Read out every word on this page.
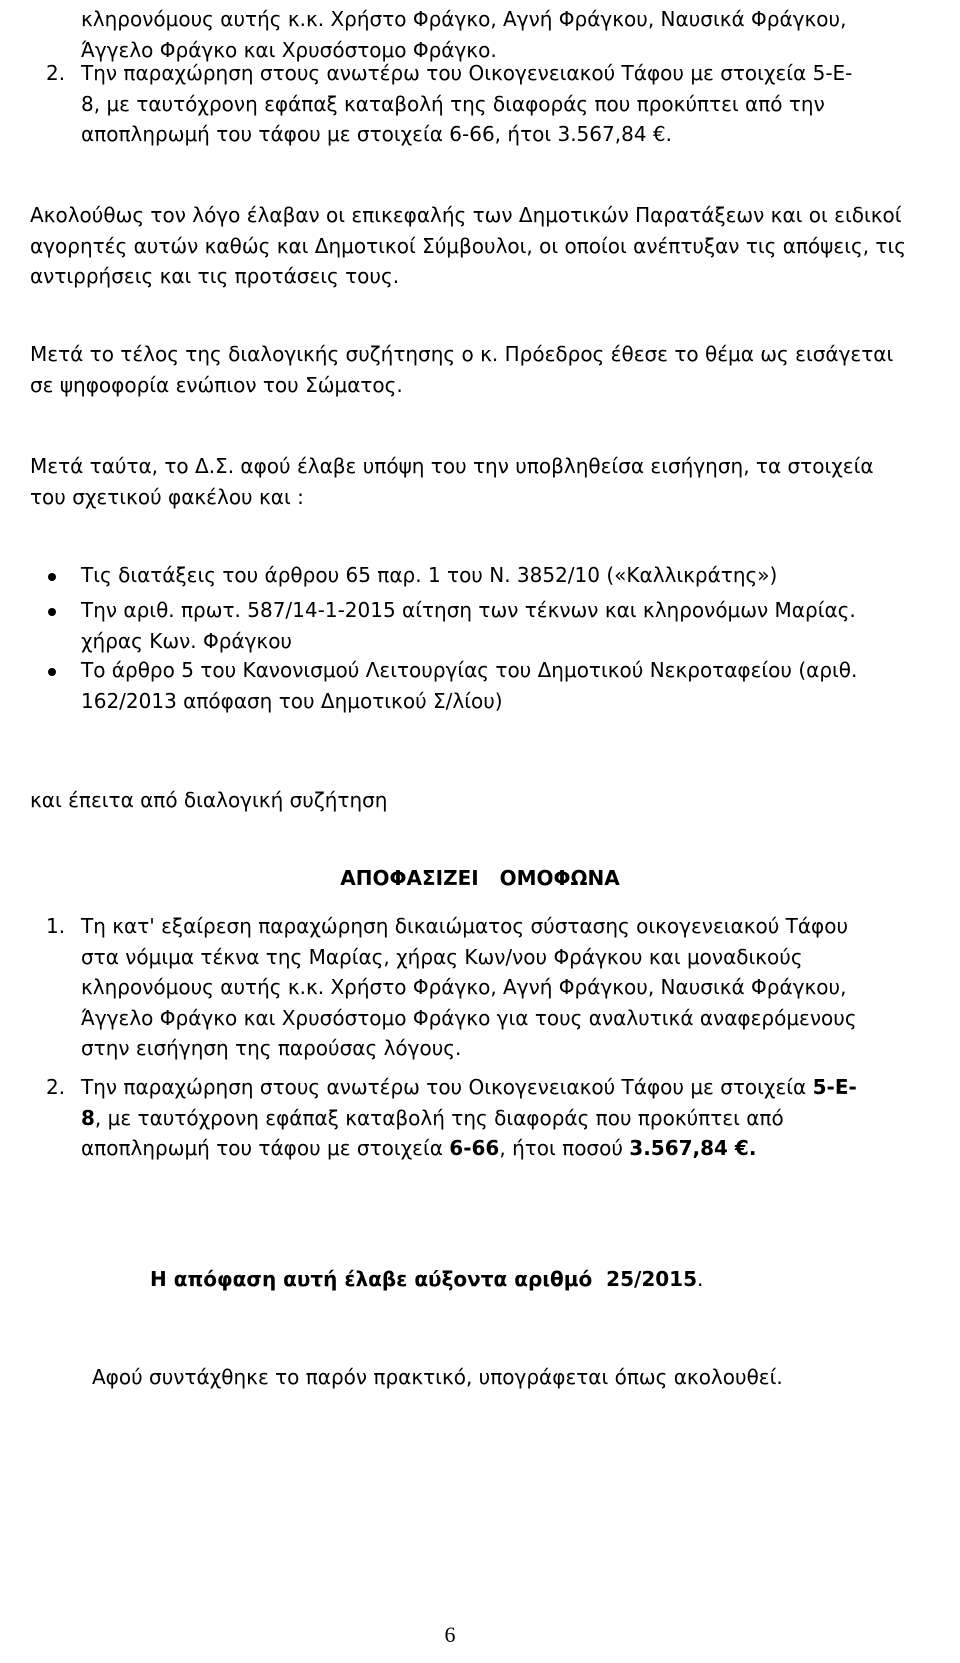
κληρονόμους αυτής κ.κ. Χρήστο Φράγκο, Αγνή Φράγκου, Ναυσικά Φράγκου,
Άγγελο Φράγκο και Χρυσόστομο Φράγκο.
2. Την παραχώρηση στους ανωτέρω του Οικογενειακού Τάφου με στοιχεία 5-Ε-
8, με ταυτόχρονη εφάπαξ καταβολή της διαφοράς που προκύπτει από την
αποπληρωμή του τάφου με στοιχεία 6-66, ήτοι 3.567,84 €.
Ακολούθως τον λόγο έλαβαν οι επικεφαλής των Δημοτικών Παρατάξεων και οι ειδικοί
αγορητές αυτών καθώς και Δημοτικοί Σύμβουλοι, οι οποίοι ανέπτυξαν τις απόψεις, τις
αντιρρήσεις και τις προτάσεις τους.
Μετά το τέλος της διαλογικής συζήτησης ο κ. Πρόεδρος έθεσε το θέμα ως εισάγεται
σε ψηφοφορία ενώπιον του Σώματος.
Μετά ταύτα, το Δ.Σ. αφού έλαβε υπόψη του την υποβληθείσα εισήγηση, τα στοιχεία
του σχετικού φακέλου και :
Τις διατάξεις του άρθρου 65 παρ. 1 του Ν. 3852/10 («Καλλικράτης»)
Την αριθ. πρωτ. 587/14-1-2015 αίτηση των τέκνων και κληρονόμων Μαρίας.
χήρας Κων. Φράγκου
Το άρθρο 5 του Κανονισμού Λειτουργίας του Δημοτικού Νεκροταφείου (αριθ.
162/2013 απόφαση του Δημοτικού Σ/λίου)
και έπειτα από διαλογική συζήτηση
ΑΠΟΦΑΣΙΖΕΙ   ΟΜΟΦΩΝΑ
1. Τη κατ' εξαίρεση παραχώρηση δικαιώματος σύστασης οικογενειακού Τάφου
στα νόμιμα τέκνα της Μαρίας, χήρας Κων/νου Φράγκου και μοναδικούς
κληρονόμους αυτής κ.κ. Χρήστο Φράγκο, Αγνή Φράγκου, Ναυσικά Φράγκου,
Άγγελο Φράγκο και Χρυσόστομο Φράγκο για τους αναλυτικά αναφερόμενους
στην εισήγηση της παρούσας λόγους.
2. Την παραχώρηση στους ανωτέρω του Οικογενειακού Τάφου με στοιχεία 5-Ε-
8, με ταυτόχρονη εφάπαξ καταβολή της διαφοράς που προκύπτει από
αποπληρωμή του τάφου με στοιχεία 6-66, ήτοι ποσού 3.567,84 €.
Η απόφαση αυτή έλαβε αύξοντα αριθμό  25/2015.
Αφού συντάχθηκε το παρόν πρακτικό, υπογράφεται όπως ακολουθεί.
6
